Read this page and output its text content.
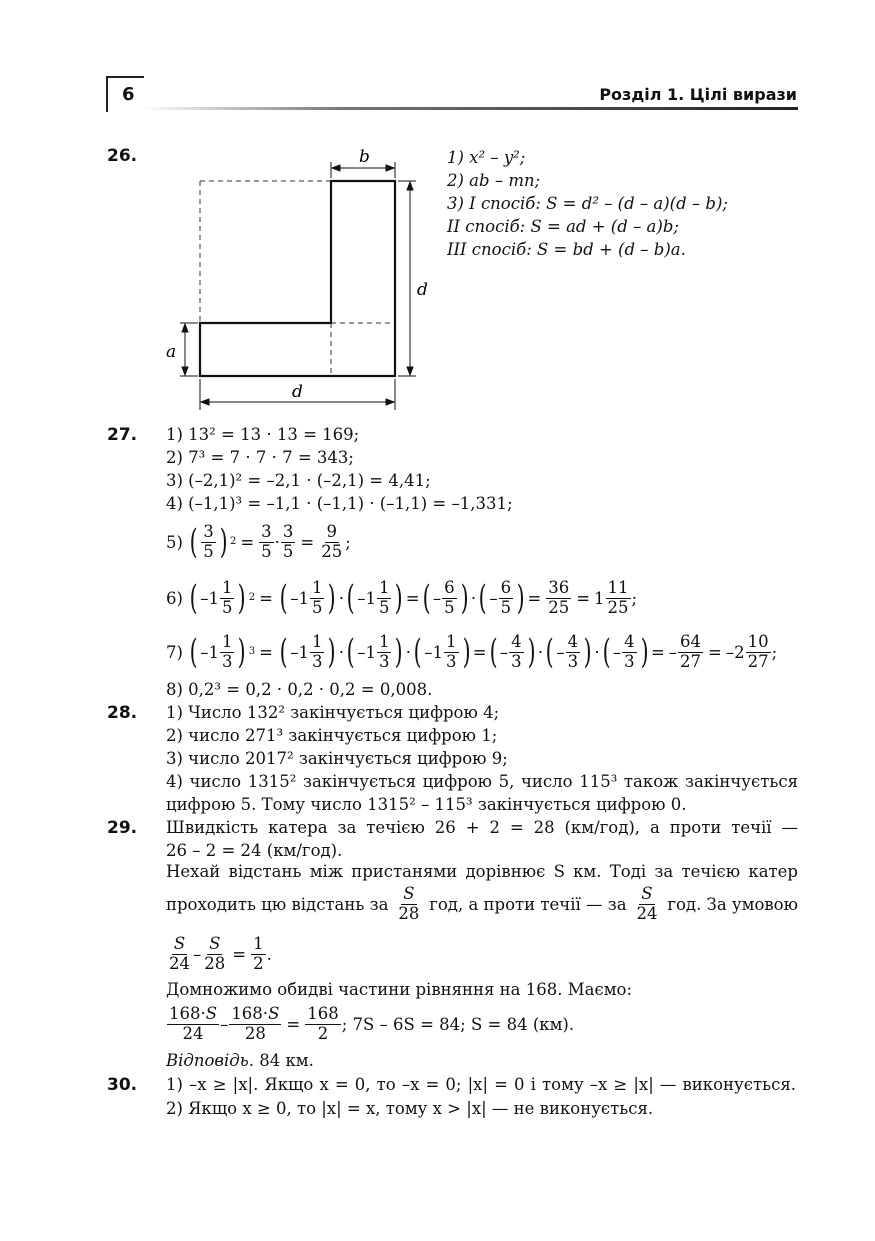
6	Розділ 1. Цілі вирази
26.	b
d
a
d
1) x² – y²;
2) ab – mn;
3) I спосіб: S = d² – (d – a)(d – b);
II спосіб: S = ad + (d – a)b;
III спосіб: S = bd + (d – b)a.
27. 1) 13² = 13 · 13 = 169;
2) 7³ = 7 · 7 · 7 = 343;
3) (–2,1)² = –2,1 · (–2,1) = 4,41;
4) (–1,1)³ = –1,1 · (–1,1) · (–1,1) = –1,331;
5) ( $\frac{3}{5}$ ) $2 = \frac{3}{5} \cdot \frac{3}{5} = \frac{9}{25}$ ;
6) ( $-1 \frac{1}{5}$ ) 2 = ( $-1 \frac{1}{5}$ ) · ( $-1 \frac{1}{5}$ ) = ( – $\frac{6}{5}$ ) · ( – $\frac{6}{5}$ ) = $\frac{36}{25} = 1 \frac{11}{25}$ ;
7) ( $-1 \frac{1}{3}$ ) 3 = ( $-1 \frac{1}{3}$ ) · ( $-1 \frac{1}{3}$ ) · ( $-1 \frac{1}{3}$ ) = ( – $\frac{4}{3}$ ) · ( – $\frac{4}{3}$ ) · ( – $\frac{4}{3}$ ) = – $\frac{64}{27} = -2 \frac{10}{27}$ ;
8) 0,2³ = 0,2 · 0,2 · 0,2 = 0,008.
28. 1) Число 132² закінчується цифрою 4;
2) число 271³ закінчується цифрою 1;
3) число 2017² закінчується цифрою 9;
4) число 1315² закінчується цифрою 5, число 115³ також закінчується
цифрою 5. Тому число 1315² – 115³ закінчується цифрою 0.
29. Швидкість катера за течією 26 + 2 = 28 (км/год), а проти течії —
26 – 2 = 24 (км/год).
Нехай відстань між пристанями дорівнює S км. Тоді за течією катер
проходить цю відстань за $\frac{S}{28}$ год, а проти течії — за $\frac{S}{24}$ год. За умовою
$\frac{S}{24} - \frac{S}{28} = \frac{1}{2}$ .
Домножимо обидві частини рівняння на 168. Маємо:
$\frac{168\cdot S}{24} - \frac{168\cdot S}{28} = \frac{168}{2}$ ; 7S – 6S = 84; S = 84 (км).
Відповідь. 84 км.
30. 1) –x ≥ |x|. Якщо x = 0, то –x = 0; |x| = 0 і тому –x ≥ |x| — виконується.
2) Якщо x ≥ 0, то |x| = x, тому x > |x| — не виконується.
